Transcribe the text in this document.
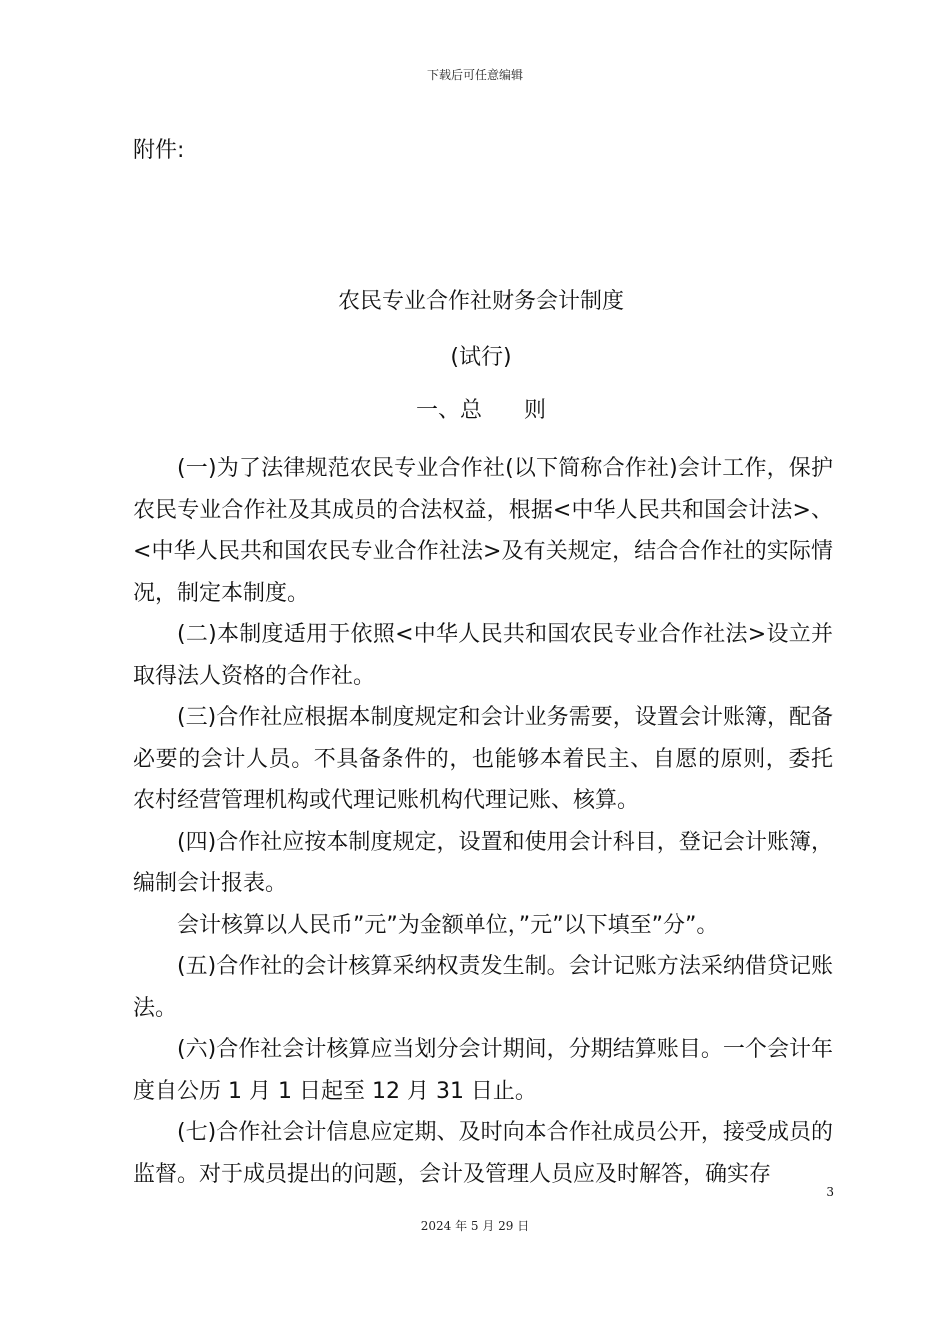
下载后可任意编辑
附件:
农民专业合作社财务会计制度
(试行)
一、总      则

(一)为了法律规范农民专业合作社(以下简称合作社)会计工作，保护农民专业合作社及其成员的合法权益，根据<中华人民共和国会计法>、<中华人民共和国农民专业合作社法>及有关规定，结合合作社的实际情况，制定本制度。

(二)本制度适用于依照<中华人民共和国农民专业合作社法>设立并取得法人资格的合作社。

(三)合作社应根据本制度规定和会计业务需要，设置会计账簿，配备必要的会计人员。不具备条件的，也能够本着民主、自愿的原则，委托农村经营管理机构或代理记账机构代理记账、核算。

(四)合作社应按本制度规定，设置和使用会计科目，登记会计账簿，编制会计报表。

会计核算以人民币”元”为金额单位，”元”以下填至”分”。

(五)合作社的会计核算采纳权责发生制。会计记账方法采纳借贷记账法。

(六)合作社会计核算应当划分会计期间，分期结算账目。一个会计年度自公历 1 月 1 日起至 12 月 31 日止。

(七)合作社会计信息应定期、及时向本合作社成员公开，接受成员的监督。对于成员提出的问题，会计及管理人员应及时解答，确实存

3
2024 年 5 月 29 日
